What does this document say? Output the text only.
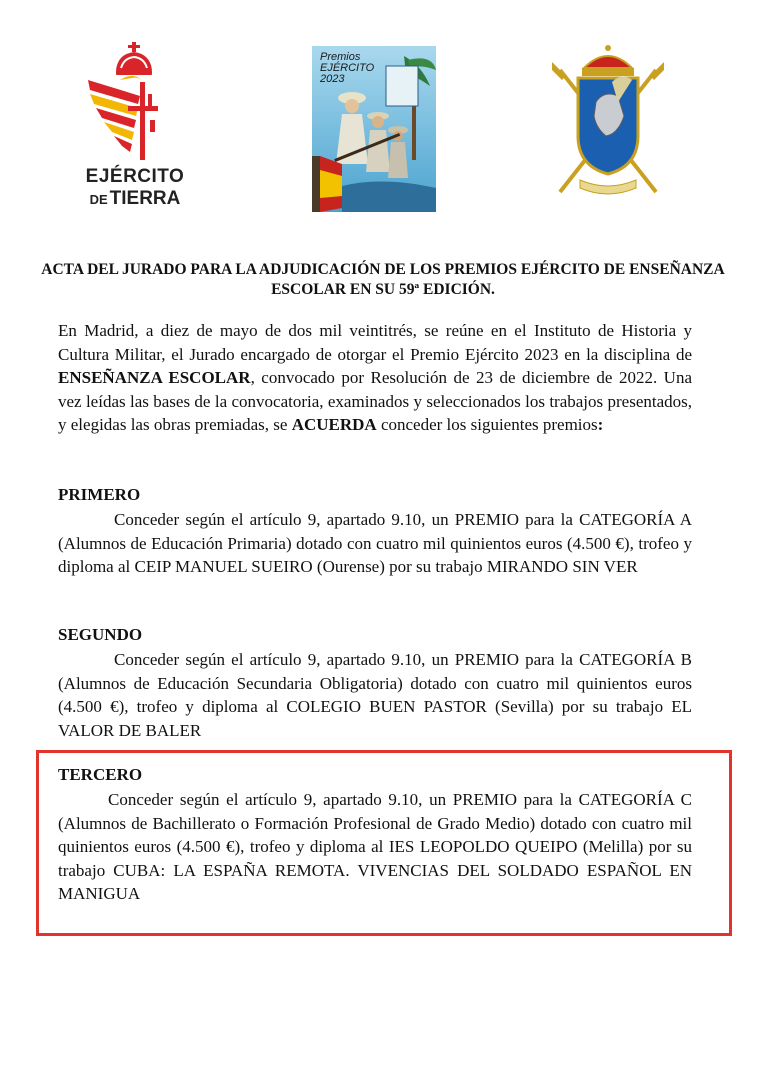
EJÉRCITO
DE TIERRA
Premios
EJÉRCITO
2023
ACTA DEL JURADO PARA LA ADJUDICACIÓN DE LOS PREMIOS EJÉRCITO DE ENSEÑANZA ESCOLAR EN SU 59ª EDICIÓN.

En Madrid, a diez de mayo de dos mil veintitrés, se reúne en el Instituto de Historia y Cultura Militar, el Jurado encargado de otorgar el Premio Ejército 2023 en la disciplina de ENSEÑANZA ESCOLAR, convocado por Resolución de 23 de diciembre de 2022. Una vez leídas las bases de la convocatoria, examinados y seleccionados los trabajos presentados, y elegidas las obras premiadas, se ACUERDA conceder los siguientes premios:

PRIMERO

Conceder según el artículo 9, apartado 9.10, un PREMIO para la CATEGORÍA A (Alumnos de Educación Primaria) dotado con cuatro mil quinientos euros (4.500 €), trofeo y diploma al CEIP MANUEL SUEIRO (Ourense) por su trabajo MIRANDO SIN VER

SEGUNDO

Conceder según el artículo 9, apartado 9.10, un PREMIO para la CATEGORÍA B (Alumnos de Educación Secundaria Obligatoria) dotado con cuatro mil quinientos euros (4.500 €), trofeo y diploma al COLEGIO BUEN PASTOR (Sevilla) por su trabajo EL VALOR DE BALER

TERCERO

Conceder según el artículo 9, apartado 9.10, un PREMIO para la CATEGORÍA C (Alumnos de Bachillerato o Formación Profesional de Grado Medio) dotado con cuatro mil quinientos euros (4.500 €), trofeo y diploma al IES LEOPOLDO QUEIPO (Melilla) por su trabajo CUBA: LA ESPAÑA REMOTA. VIVENCIAS DEL SOLDADO ESPAÑOL EN MANIGUA
